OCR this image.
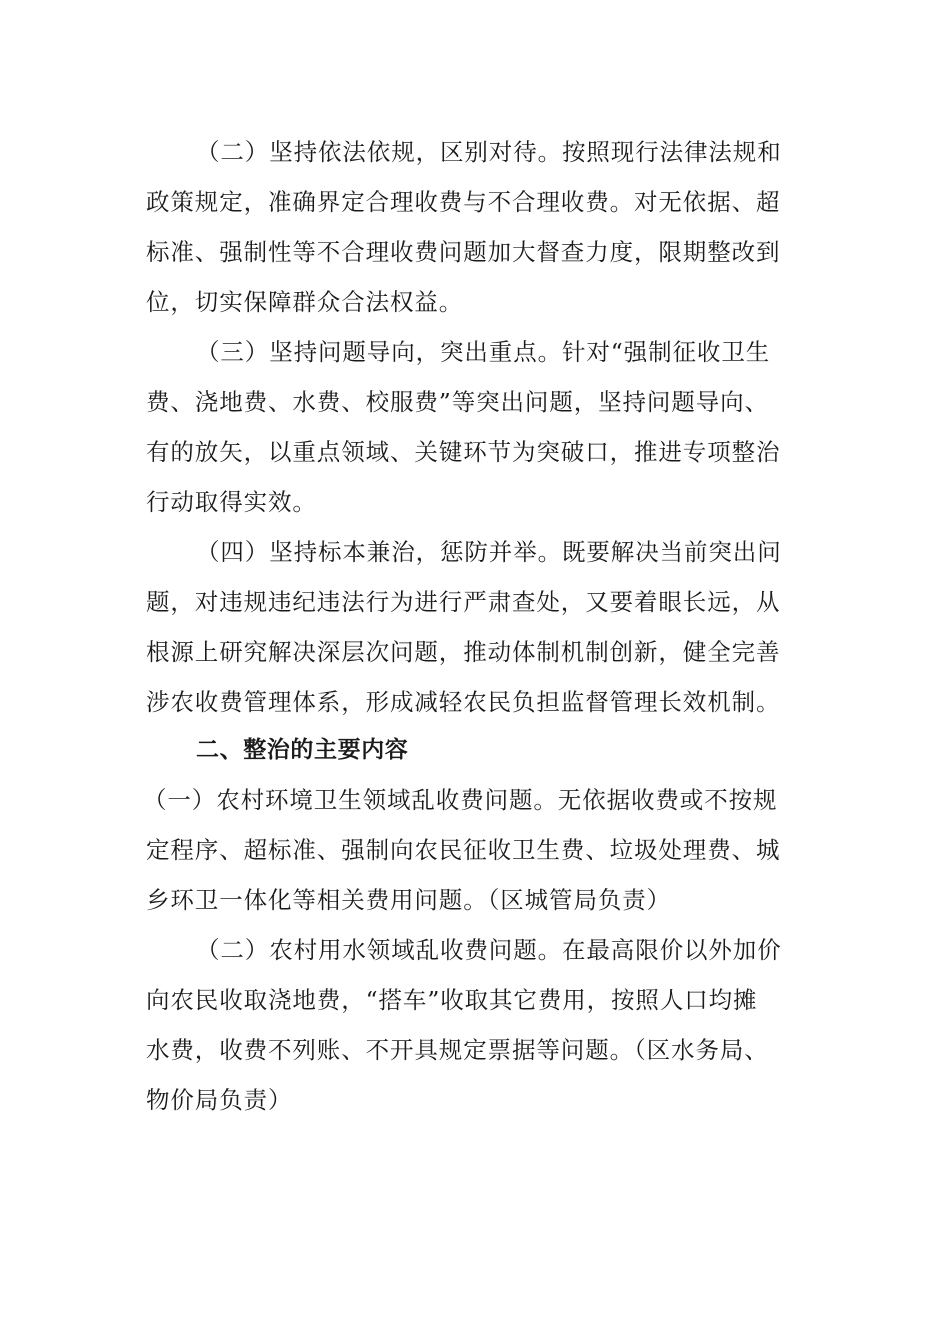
（二）坚持依法依规，区别对待。按照现行法律法规和
政策规定，准确界定合理收费与不合理收费。对无依据、超
标准、强制性等不合理收费问题加大督查力度，限期整改到
位，切实保障群众合法权益。
（三）坚持问题导向，突出重点。针对“强制征收卫生
费、浇地费、水费、校服费”等突出问题，坚持问题导向、
有的放矢，以重点领域、关键环节为突破口，推进专项整治
行动取得实效。
（四）坚持标本兼治，惩防并举。既要解决当前突出问
题，对违规违纪违法行为进行严肃查处，又要着眼长远，从
根源上研究解决深层次问题，推动体制机制创新，健全完善
涉农收费管理体系，形成减轻农民负担监督管理长效机制。
二、整治的主要内容
（一）农村环境卫生领域乱收费问题。无依据收费或不按规
定程序、超标准、强制向农民征收卫生费、垃圾处理费、城
乡环卫一体化等相关费用问题。（区城管局负责）
（二）农村用水领域乱收费问题。在最高限价以外加价
向农民收取浇地费，“搭车”收取其它费用，按照人口均摊
水费，收费不列账、不开具规定票据等问题。（区水务局、
物价局负责）
